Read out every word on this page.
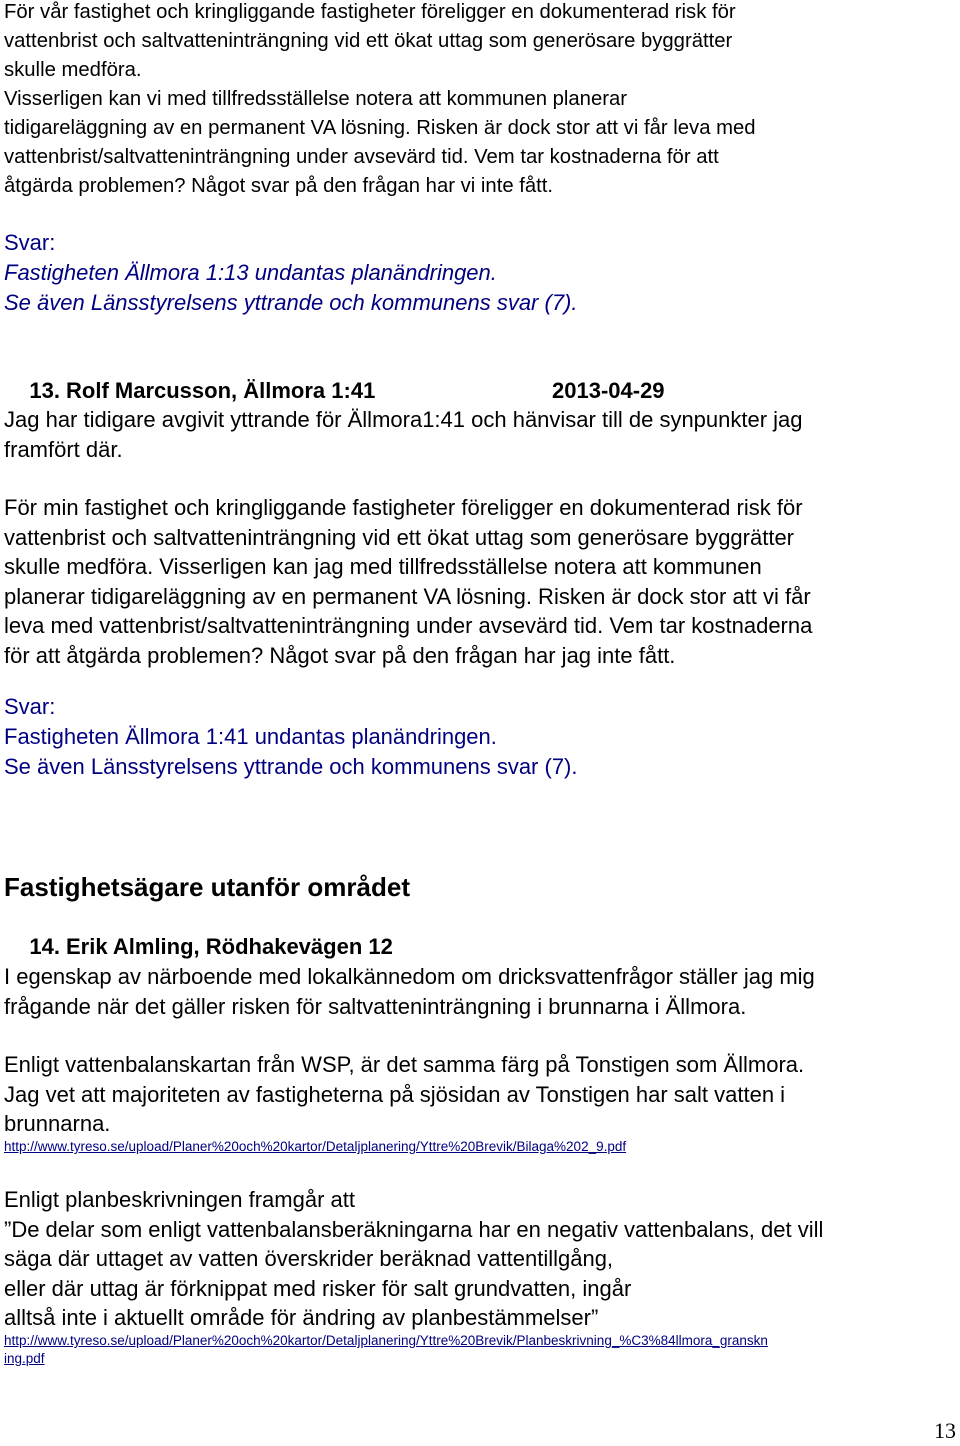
För vår fastighet och kringliggande fastigheter föreligger en dokumenterad risk för
vattenbrist och saltvatteninträngning vid ett ökat uttag som generösare byggrätter
skulle medföra.
Visserligen kan vi med tillfredsställelse notera att kommunen planerar
tidigareläggning av en permanent VA lösning. Risken är dock stor att vi får leva med
vattenbrist/saltvatteninträngning under avsevärd tid. Vem tar kostnaderna för att
åtgärda problemen? Något svar på den frågan har vi inte fått.
Svar:
Fastigheten Ällmora 1:13 undantas planändringen.
Se även Länsstyrelsens yttrande och kommunens svar (7).
13. Rolf Marcusson, Ällmora 1:41	2013-04-29
Jag har tidigare avgivit yttrande för Ällmora1:41 och hänvisar till de synpunkter jag
framfört där.
För min fastighet och kringliggande fastigheter föreligger en dokumenterad risk för
vattenbrist och saltvatteninträngning vid ett ökat uttag som generösare byggrätter
skulle medföra. Visserligen kan jag med tillfredsställelse notera att kommunen
planerar tidigareläggning av en permanent VA lösning. Risken är dock stor att vi får
leva med vattenbrist/saltvatteninträngning under avsevärd tid. Vem tar kostnaderna
för att åtgärda problemen? Något svar på den frågan har jag inte fått.
Svar:
Fastigheten Ällmora 1:41 undantas planändringen.
Se även Länsstyrelsens yttrande och kommunens svar (7).
Fastighetsägare utanför området
14. Erik Almling, Rödhakevägen 12
I egenskap av närboende med lokalkännedom om dricksvattenfrågor ställer jag mig
frågande när det gäller risken för saltvatteninträngning i brunnarna i Ällmora.
Enligt vattenbalanskartan från WSP, är det samma färg på Tonstigen som Ällmora.
Jag vet att majoriteten av fastigheterna på sjösidan av Tonstigen har salt vatten i
brunnarna.
http://www.tyreso.se/upload/Planer%20och%20kartor/Detaljplanering/Yttre%20Brevik/Bilaga%202_9.pdf
Enligt planbeskrivningen framgår att
”De delar som enligt vattenbalansberäkningarna har en negativ vattenbalans, det vill
säga där uttaget av vatten överskrider beräknad vattentillgång,
eller där uttag är förknippat med risker för salt grundvatten, ingår
alltså inte i aktuellt område för ändring av planbestämmelser”
http://www.tyreso.se/upload/Planer%20och%20kartor/Detaljplanering/Yttre%20Brevik/Planbeskrivning_%C3%84llmora_granskn
ing.pdf
13
